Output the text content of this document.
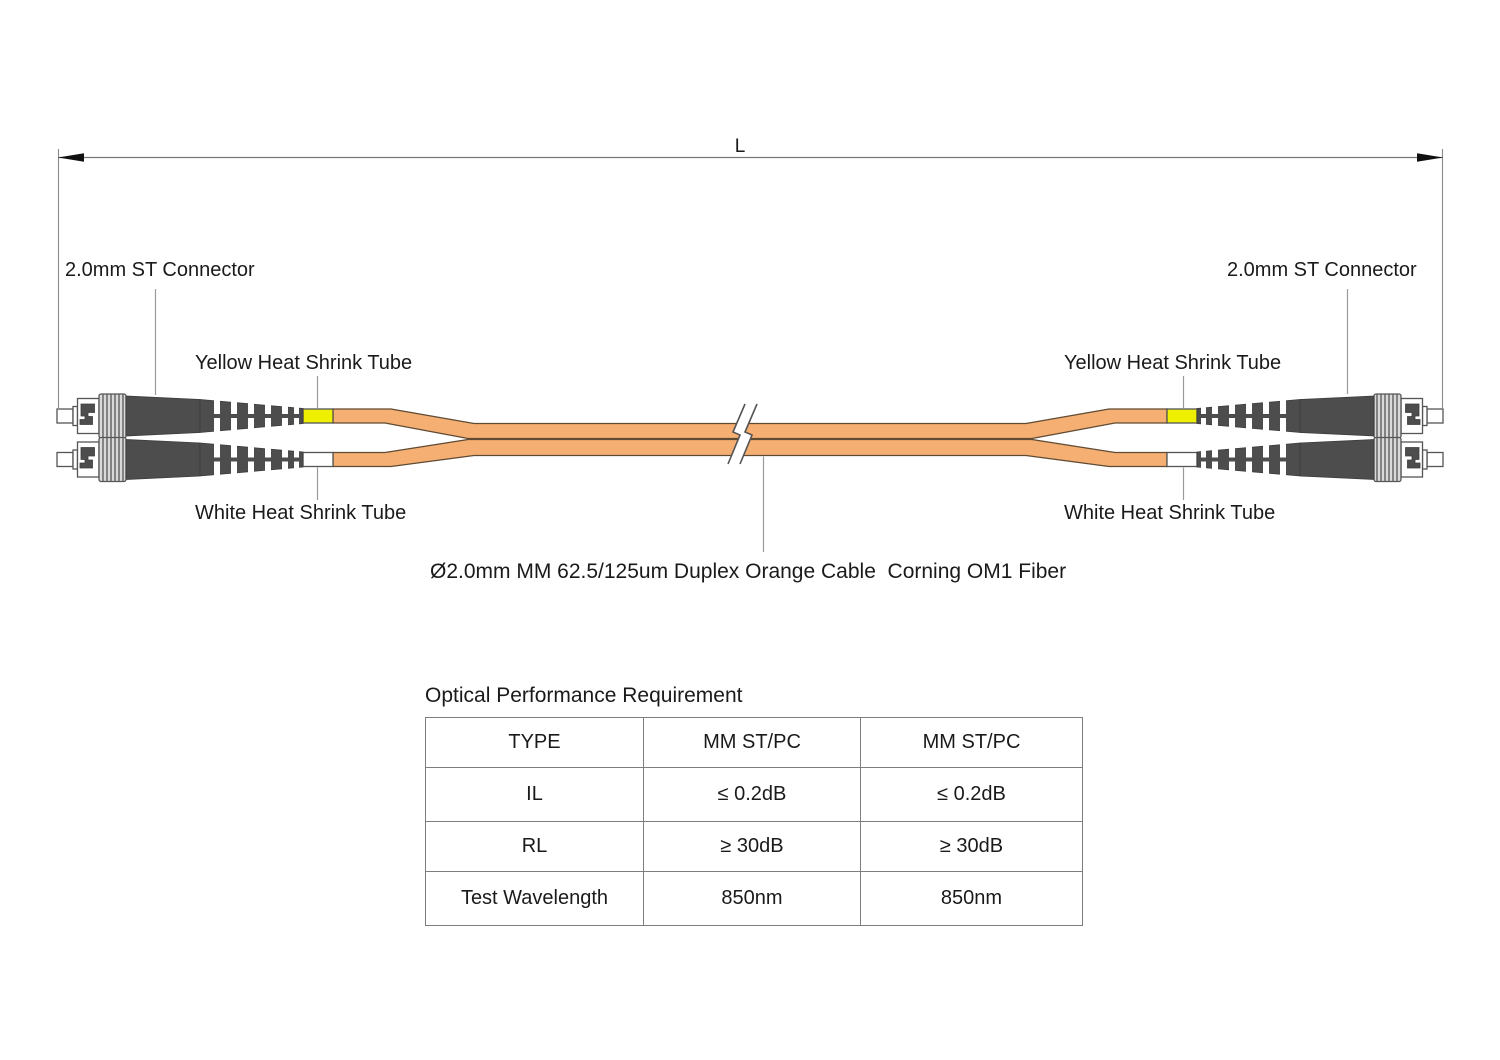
L
2.0mm ST Connector	2.0mm ST Connector
Yellow Heat Shrink Tube	Yellow Heat Shrink Tube
White Heat Shrink Tube	White Heat Shrink Tube
Ø2.0mm MM 62.5/125um Duplex Orange Cable  Corning OM1 Fiber
Optical Performance Requirement
TYPE	MM ST/PC	MM ST/PC
IL	≤ 0.2dB	≤ 0.2dB
RL	≥ 30dB	≥ 30dB
Test Wavelength	850nm	850nm
